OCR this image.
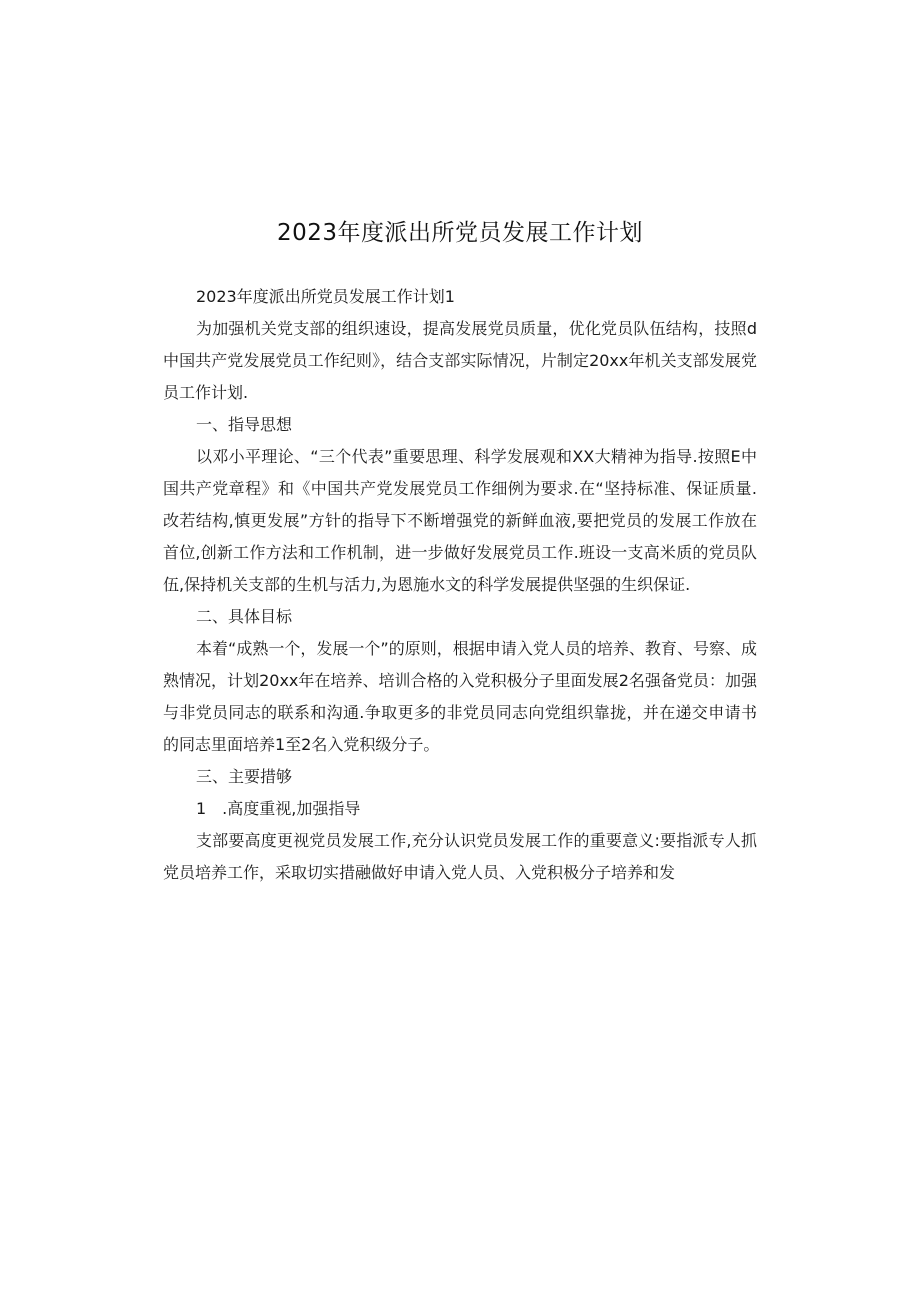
2023年度派出所党员发展工作计划

2023年度派出所党员发展工作计划1

为加强机关党支部的组织速设，提高发展党员质量，优化党员队伍结构，技照d中国共产党发展党员工作纪则》，结合支部实际情况，片制定20xx年机关支部发展党员工作计划.

一、指导思想

以邓小平理论、“三个代表”重要思理、科学发展观和XX大精神为指导.按照E中国共产党章程》和《中国共产党发展党员工作细例为要求.在“坚持标准、保证质量.改若结构,慎更发展”方针的指导下不断增强党的新鲜血液,要把党员的发展工作放在首位,创新工作方法和工作机制，进一步做好发展党员工作.班设一支高米质的党员队伍,保持机关支部的生机与活力,为恩施水文的科学发展提供坚强的生织保证.

二、具体目标

本着“成熟一个，发展一个”的原则，根据申请入党人员的培养、教育、号察、成熟情况，计划20xx年在培养、培训合格的入党积极分子里面发展2名强备党员：加强与非党员同志的联系和沟通.争取更多的非党员同志向党组织靠拢，并在递交申请书的同志里面培养1至2名入党积级分子。

三、主要措够

1　.高度重视,加强指导

支部要高度更视党员发展工作,充分认识党员发展工作的重要意义:要指派专人抓党员培养工作，采取切实措融做好申请入党人员、入党积极分子培养和发
